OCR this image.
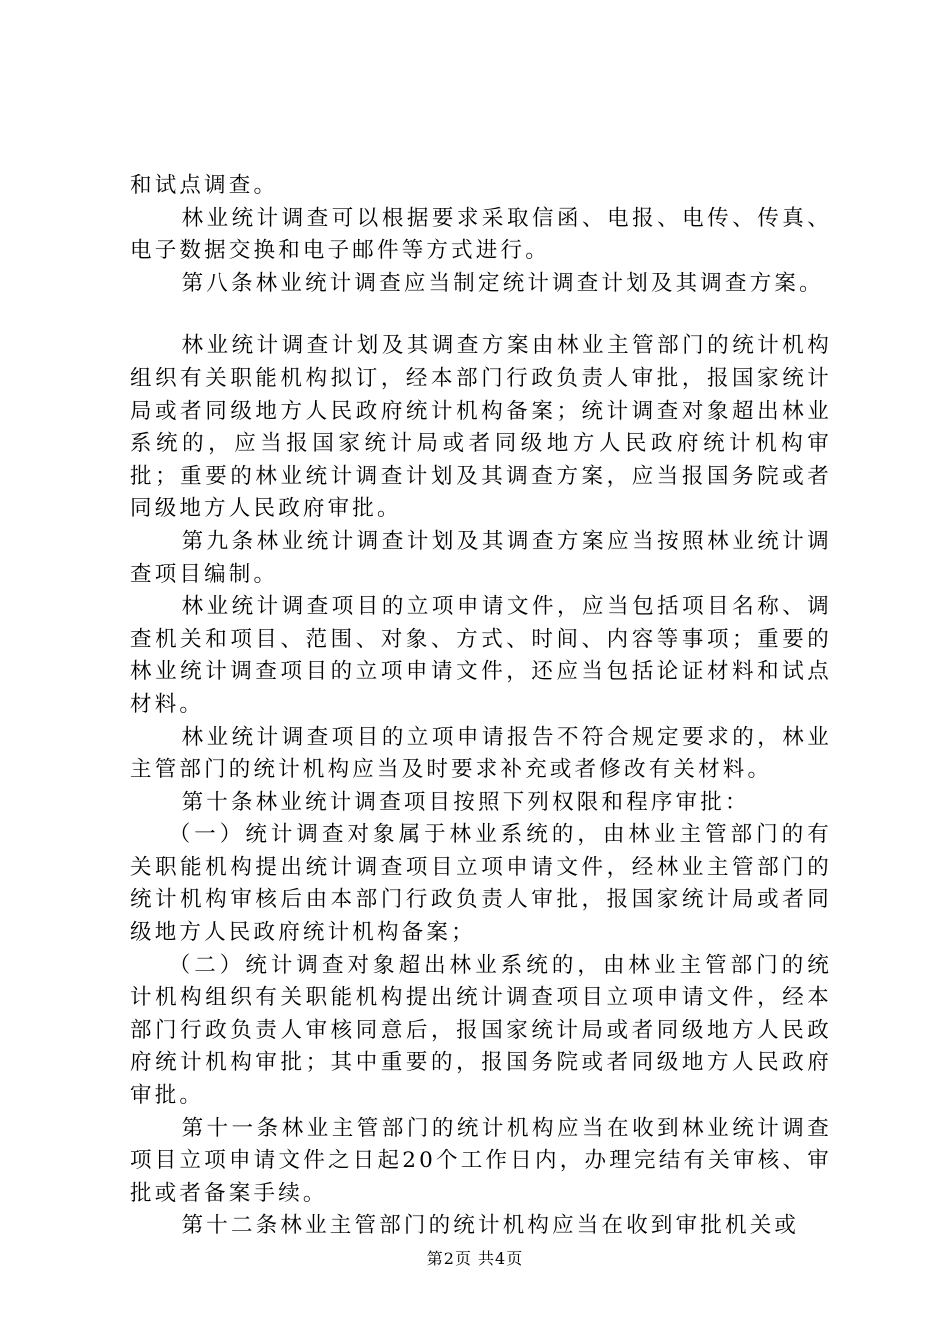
和试点调查。

林业统计调查可以根据要求采取信函、电报、电传、传真、电子数据交换和电子邮件等方式进行。

第八条林业统计调查应当制定统计调查计划及其调查方案。

林业统计调查计划及其调查方案由林业主管部门的统计机构组织有关职能机构拟订，经本部门行政负责人审批，报国家统计局或者同级地方人民政府统计机构备案；统计调查对象超出林业系统的，应当报国家统计局或者同级地方人民政府统计机构审批；重要的林业统计调查计划及其调查方案，应当报国务院或者同级地方人民政府审批。

第九条林业统计调查计划及其调查方案应当按照林业统计调查项目编制。

林业统计调查项目的立项申请文件，应当包括项目名称、调查机关和项目、范围、对象、方式、时间、内容等事项；重要的林业统计调查项目的立项申请文件，还应当包括论证材料和试点材料。

林业统计调查项目的立项申请报告不符合规定要求的，林业主管部门的统计机构应当及时要求补充或者修改有关材料。

第十条林业统计调查项目按照下列权限和程序审批：

（一）统计调查对象属于林业系统的，由林业主管部门的有关职能机构提出统计调查项目立项申请文件，经林业主管部门的统计机构审核后由本部门行政负责人审批，报国家统计局或者同级地方人民政府统计机构备案；

（二）统计调查对象超出林业系统的，由林业主管部门的统计机构组织有关职能机构提出统计调查项目立项申请文件，经本部门行政负责人审核同意后，报国家统计局或者同级地方人民政府统计机构审批；其中重要的，报国务院或者同级地方人民政府审批。

第十一条林业主管部门的统计机构应当在收到林业统计调查项目立项申请文件之日起20个工作日内，办理完结有关审核、审批或者备案手续。

第十二条林业主管部门的统计机构应当在收到审批机关或

第2页 共4页
